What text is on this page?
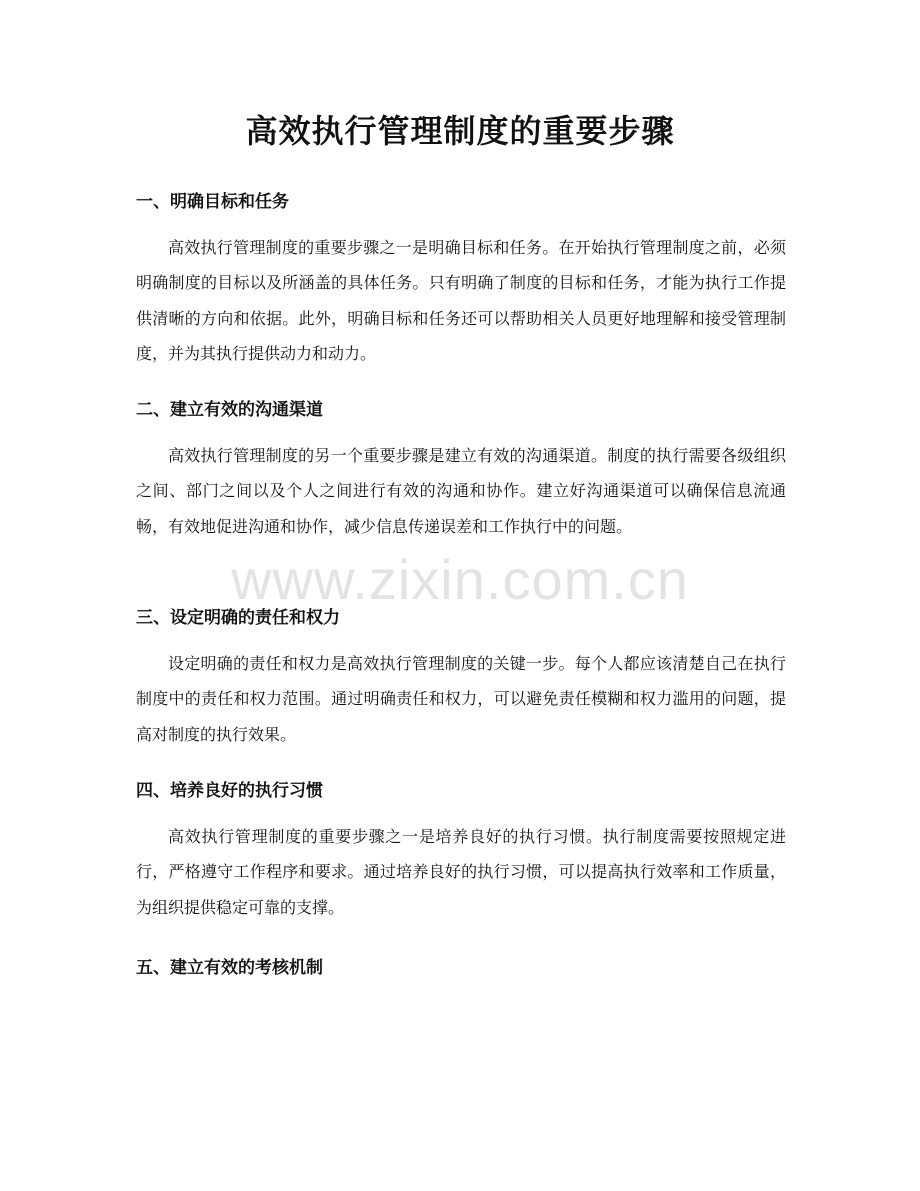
高效执行管理制度的重要步骤
一、明确目标和任务

高效执行管理制度的重要步骤之一是明确目标和任务。在开始执行管理制度之前，必须明确制度的目标以及所涵盖的具体任务。只有明确了制度的目标和任务，才能为执行工作提供清晰的方向和依据。此外，明确目标和任务还可以帮助相关人员更好地理解和接受管理制度，并为其执行提供动力和动力。

二、建立有效的沟通渠道

高效执行管理制度的另一个重要步骤是建立有效的沟通渠道。制度的执行需要各级组织之间、部门之间以及个人之间进行有效的沟通和协作。建立好沟通渠道可以确保信息流通畅，有效地促进沟通和协作，减少信息传递误差和工作执行中的问题。

三、设定明确的责任和权力

设定明确的责任和权力是高效执行管理制度的关键一步。每个人都应该清楚自己在执行制度中的责任和权力范围。通过明确责任和权力，可以避免责任模糊和权力滥用的问题，提高对制度的执行效果。

四、培养良好的执行习惯

高效执行管理制度的重要步骤之一是培养良好的执行习惯。执行制度需要按照规定进行，严格遵守工作程序和要求。通过培养良好的执行习惯，可以提高执行效率和工作质量，为组织提供稳定可靠的支撑。

五、建立有效的考核机制
www.zixin.com.cn
